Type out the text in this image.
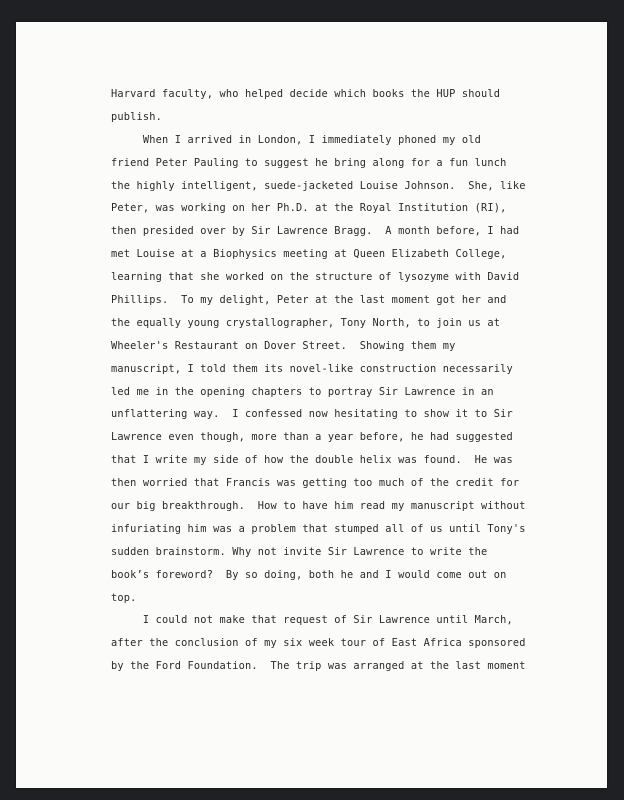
Harvard faculty, who helped decide which books the HUP should
publish.
When I arrived in London, I immediately phoned my old
friend Peter Pauling to suggest he bring along for a fun lunch
the highly intelligent, suede-jacketed Louise Johnson.  She, like
Peter, was working on her Ph.D. at the Royal Institution (RI),
then presided over by Sir Lawrence Bragg.  A month before, I had
met Louise at a Biophysics meeting at Queen Elizabeth College,
learning that she worked on the structure of lysozyme with David
Phillips.  To my delight, Peter at the last moment got her and
the equally young crystallographer, Tony North, to join us at
Wheeler's Restaurant on Dover Street.  Showing them my
manuscript, I told them its novel-like construction necessarily
led me in the opening chapters to portray Sir Lawrence in an
unflattering way.  I confessed now hesitating to show it to Sir
Lawrence even though, more than a year before, he had suggested
that I write my side of how the double helix was found.  He was
then worried that Francis was getting too much of the credit for
our big breakthrough.  How to have him read my manuscript without
infuriating him was a problem that stumped all of us until Tony's
sudden brainstorm. Why not invite Sir Lawrence to write the
book’s foreword?  By so doing, both he and I would come out on
top.
I could not make that request of Sir Lawrence until March,
after the conclusion of my six week tour of East Africa sponsored
by the Ford Foundation.  The trip was arranged at the last moment
